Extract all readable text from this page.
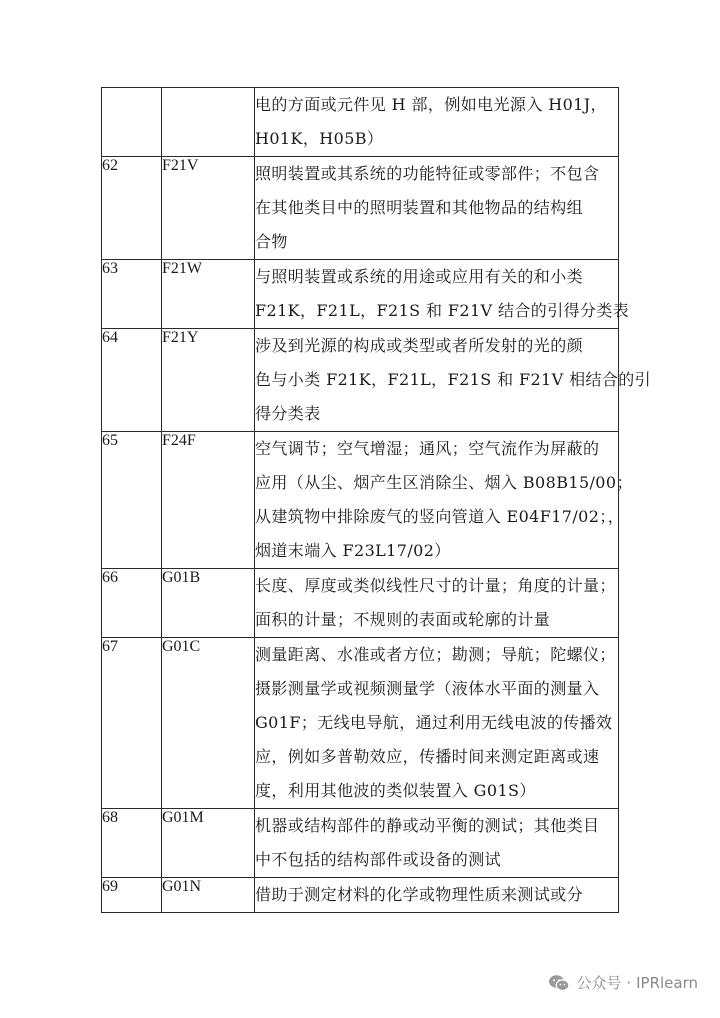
		电的方面或元件见 H 部，例如电光源入 H01J，
H01K，H05B）

62	F21V	照明装置或其系统的功能特征或零部件；不包含
在其他类目中的照明装置和其他物品的结构组
合物

63	F21W	与照明装置或系统的用途或应用有关的和小类
F21K，F21L，F21S 和 F21V 结合的引得分类表

64	F21Y	涉及到光源的构成或类型或者所发射的光的颜
色与小类 F21K，F21L，F21S 和 F21V 相结合的引
得分类表

65	F24F	空气调节；空气增湿；通风；空气流作为屏蔽的
应用（从尘、烟产生区消除尘、烟入 B08B15/00；
从建筑物中排除废气的竖向管道入 E04F17/02；，
烟道末端入 F23L17/02）

66	G01B	长度、厚度或类似线性尺寸的计量；角度的计量；
面积的计量；不规则的表面或轮廓的计量

67	G01C	测量距离、水准或者方位；勘测；导航；陀螺仪；
摄影测量学或视频测量学（液体水平面的测量入
G01F；无线电导航，通过利用无线电波的传播效
应，例如多普勒效应，传播时间来测定距离或速
度，利用其他波的类似装置入 G01S）

68	G01M	机器或结构部件的静或动平衡的测试；其他类目
中不包括的结构部件或设备的测试

69	G01N	借助于测定材料的化学或物理性质来测试或分
公众号 · IPRlearn
